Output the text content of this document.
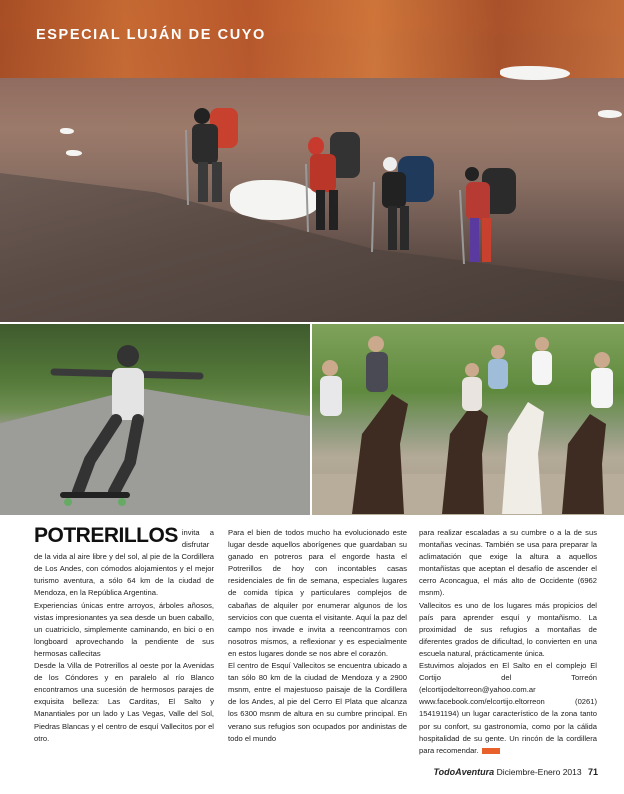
ESPECIAL LUJÁN DE CUYO

POTRERILLOS invita a disfrutar de la vida al aire libre y del sol, al pie de la Cordillera de Los Andes, con cómodos alojamientos y el mejor turismo aventura, a sólo 64 km de la ciudad de Mendoza, en la República Argentina.

Experiencias únicas entre arroyos, árboles añosos, vistas impresionantes ya sea desde un buen caballo, un cuatriciclo, simplemente caminando, en bici o en longboard aprovechando la pendiente de sus hermosas callecitas

Desde la Villa de Potrerillos al oeste por la Avenidas de los Cóndores y en paralelo al río Blanco encontramos una sucesión de hermosos parajes de exquisita belleza: Las Carditas, El Salto y Manantiales por un lado y Las Vegas, Valle del Sol, Piedras Blancas y el centro de esquí Vallecitos por el otro.

Para el bien de todos mucho ha evolucionado este lugar desde aquellos aborígenes que guardaban su ganado en potreros para el engorde hasta el Potrerillos de hoy con incontables casas residenciales de fin de semana, especiales lugares de comida típica y particulares complejos de cabañas de alquiler por enumerar algunos de los servicios con que cuenta el visitante. Aquí la paz del campo nos invade e invita a reencontrarnos con nosotros mismos, a reflexionar y es especialmente en estos lugares donde se nos abre el corazón.

El centro de Esquí Vallecitos se encuentra ubicado a tan sólo 80 km de la ciudad de Mendoza y a 2900 msnm, entre el majestuoso paisaje de la Cordillera de los Andes, al pie del Cerro El Plata que alcanza los 6300 msnm de altura en su cumbre principal. En verano sus refugios son ocupados por andinistas de todo el mundo

para realizar escaladas a su cumbre o a la de sus montañas vecinas. También se usa para preparar la aclimatación que exige la altura a aquellos montañistas que aceptan el desafío de ascender el cerro Aconcagua, el más alto de Occidente (6962 msnm).

Vallecitos es uno de los lugares más propicios del país para aprender esquí y montañismo. La proximidad de sus refugios a montañas de diferentes grados de dificultad, lo convierten en una escuela natural, prácticamente única.

Estuvimos alojados en El Salto en el complejo El Cortijo del Torreón (elcortijodeltorreon@yahoo.com.ar www.facebook.com/elcortijo.eltorreon (0261) 154191194) un lugar característico de la zona tanto por su confort, su gastronomía, como por la cálida hospitalidad de su gente. Un rincón de la cordillera para recomendar.

TodoAventura Diciembre-Enero 2013 71
